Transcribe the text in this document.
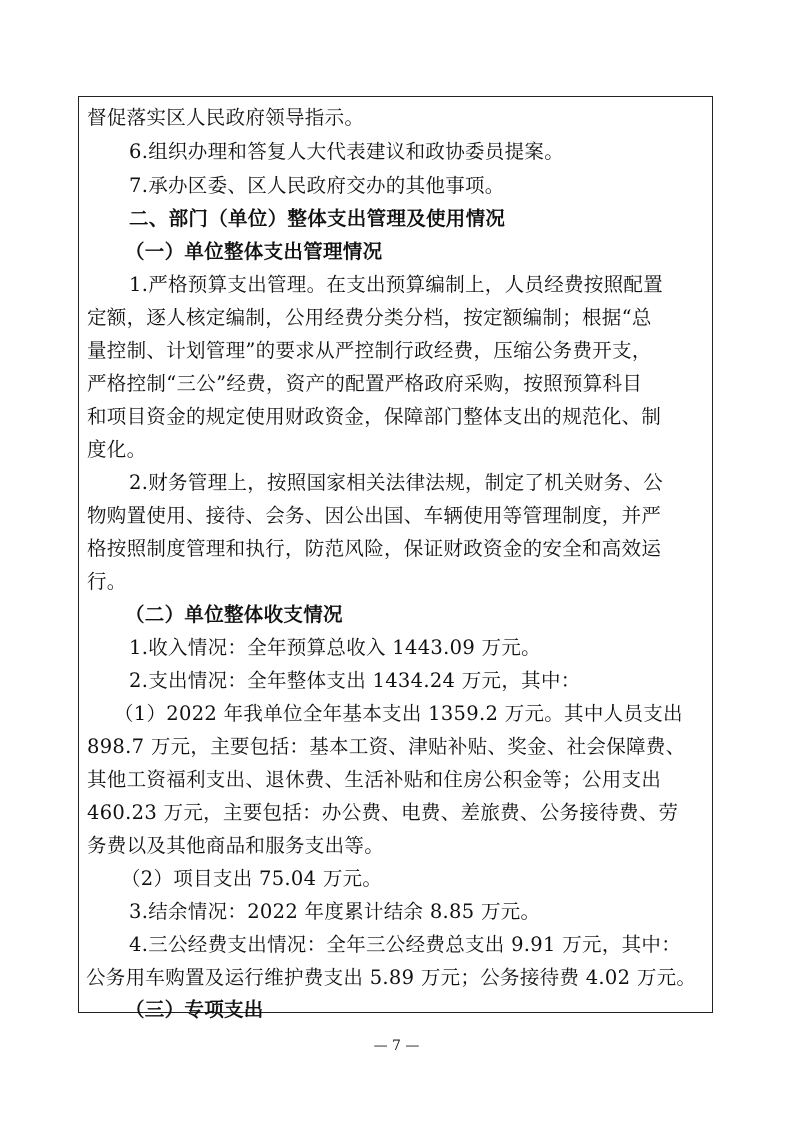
督促落实区人民政府领导指示。
6.组织办理和答复人大代表建议和政协委员提案。
7.承办区委、区人民政府交办的其他事项。
二、部门（单位）整体支出管理及使用情况
（一）单位整体支出管理情况
1.严格预算支出管理。在支出预算编制上，人员经费按照配置
定额，逐人核定编制，公用经费分类分档，按定额编制；根据“总
量控制、计划管理”的要求从严控制行政经费，压缩公务费开支，
严格控制“三公”经费，资产的配置严格政府采购，按照预算科目
和项目资金的规定使用财政资金，保障部门整体支出的规范化、制
度化。
2.财务管理上，按照国家相关法律法规，制定了机关财务、公
物购置使用、接待、会务、因公出国、车辆使用等管理制度，并严
格按照制度管理和执行，防范风险，保证财政资金的安全和高效运
行。
（二）单位整体收支情况
1.收入情况：全年预算总收入 1443.09 万元。
2.支出情况：全年整体支出 1434.24 万元，其中：
（1）2022 年我单位全年基本支出 1359.2 万元。其中人员支出
898.7 万元，主要包括：基本工资、津贴补贴、奖金、社会保障费、
其他工资福利支出、退休费、生活补贴和住房公积金等；公用支出
460.23 万元，主要包括：办公费、电费、差旅费、公务接待费、劳
务费以及其他商品和服务支出等。
（2）项目支出 75.04 万元。
3.结余情况：2022 年度累计结余 8.85 万元。
4.三公经费支出情况：全年三公经费总支出 9.91 万元，其中：
公务用车购置及运行维护费支出 5.89 万元；公务接待费 4.02 万元。
（三）专项支出
— 7 —
